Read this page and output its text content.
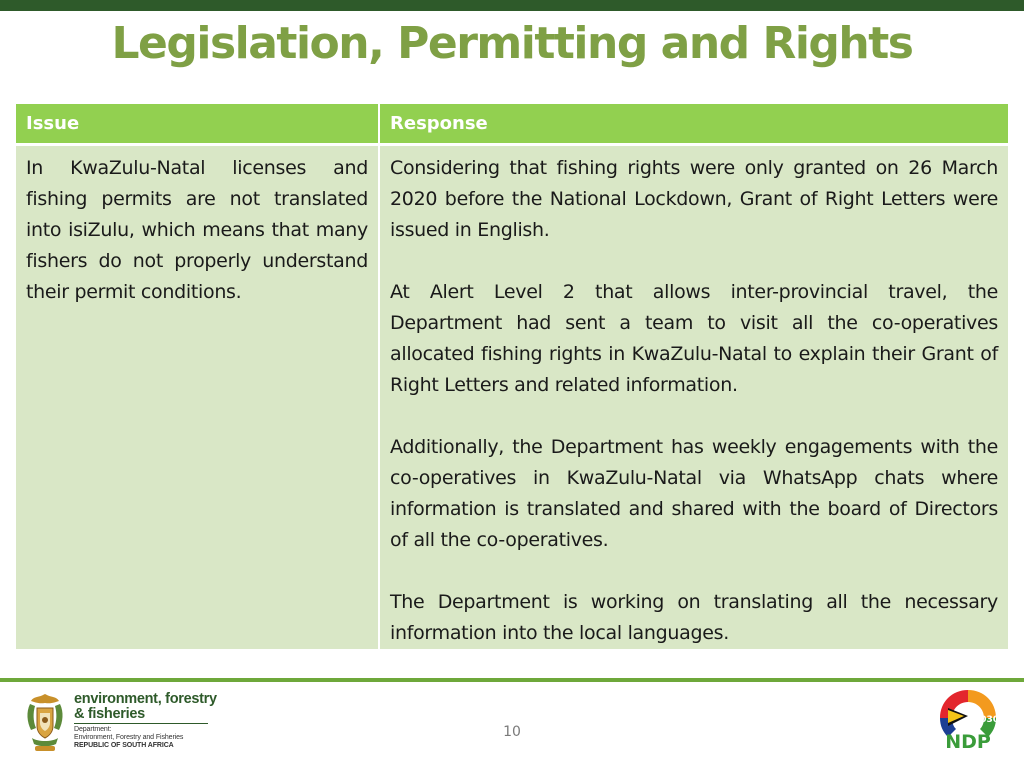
Legislation, Permitting and Rights
Issue	Response

In KwaZulu-Natal licenses and fishing permits are not translated into isiZulu, which means that many fishers do not properly understand their permit conditions.	Considering that fishing rights were only granted on 26 March 2020 before the National Lockdown, Grant of Right Letters were issued in English.

At Alert Level 2 that allows inter-provincial travel, the Department had sent a team to visit all the co-operatives allocated fishing rights in KwaZulu-Natal to explain their Grant of Right Letters and related information.

Additionally, the Department has weekly engagements with the co-operatives in KwaZulu-Natal via WhatsApp chats where information is translated and shared with the board of Directors of all the co-operatives.

The Department is working on translating all the necessary information into the local languages.

environment, forestry
& fisheries
Department:
Environment, Forestry and Fisheries
REPUBLIC OF SOUTH AFRICA
10
2030
NDP
